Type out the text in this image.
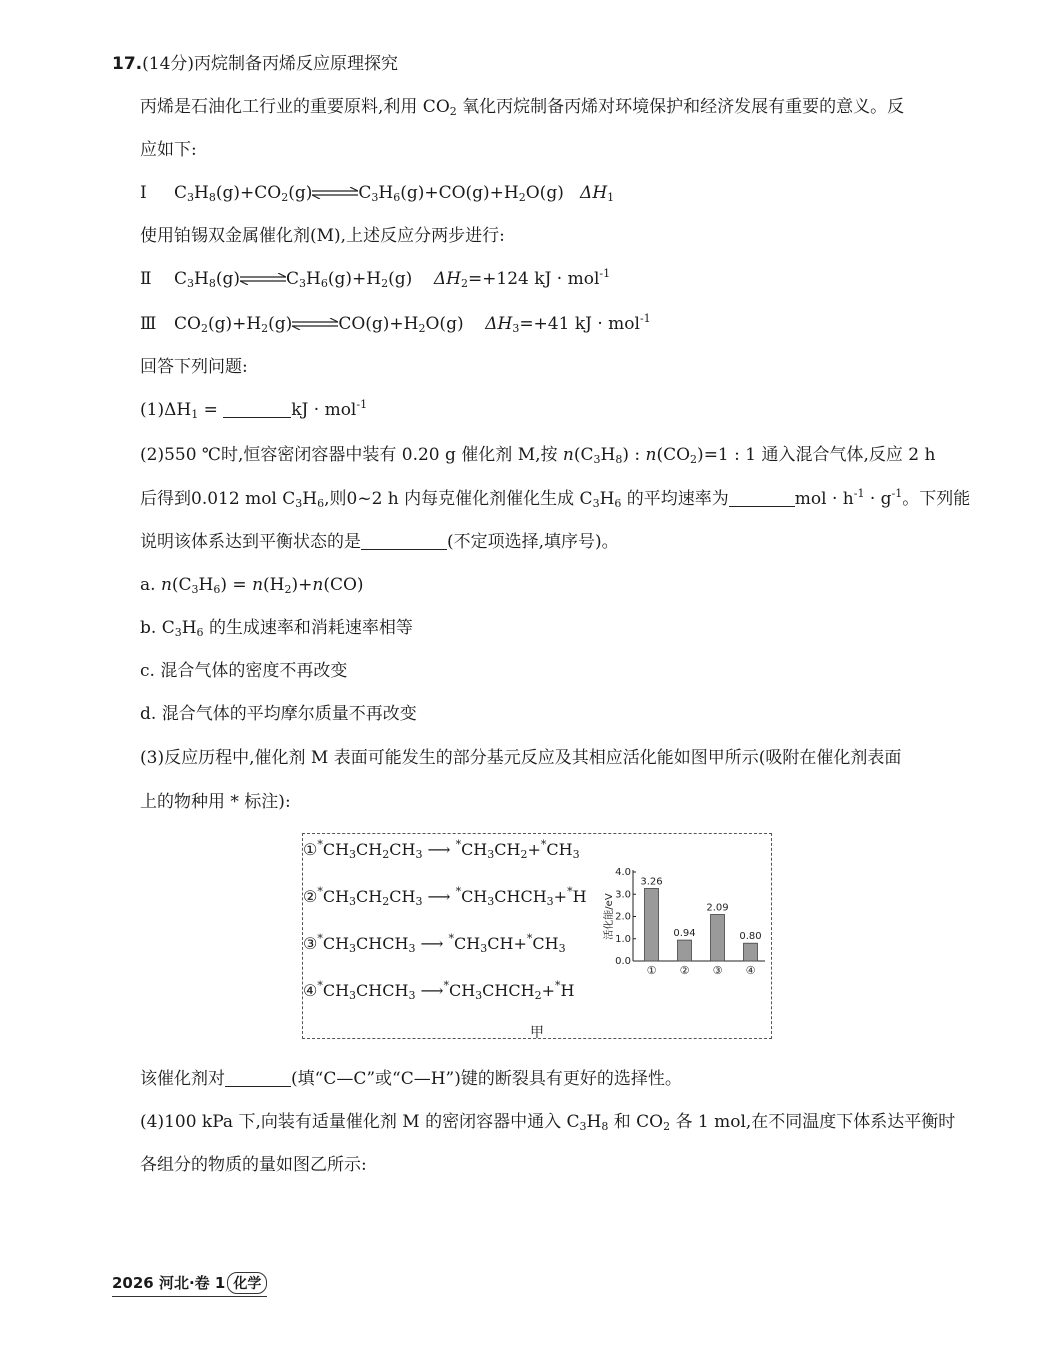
17.(14分)丙烷制备丙烯反应原理探究
丙烯是石油化工行业的重要原料,利用 $CO_2$ 氧化丙烷制备丙烯对环境保护和经济发展有重要的意义。反
应如下:
Ⅰ $C_3H_8(g)+CO_2(g)\rightleftharpoons C_3H_6(g)+CO(g)+H_2O(g)$   $\Delta H_1$
使用铂锡双金属催化剂(M),上述反应分两步进行:
Ⅱ $C_3H_8(g)\rightleftharpoons C_3H_6(g)+H_2(g)$    $\Delta H_2=+124$ kJ · mol$^{-1}$
Ⅲ $CO_2(g)+H_2(g)\rightleftharpoons CO(g)+H_2O(g)$    $\Delta H_3=+41$ kJ · mol$^{-1}$
回答下列问题:
$(1)\Delta H_1$ =	kJ · mol$^{-1}$
(2)550 ℃时,恒容密闭容器中装有 0.20 g 催化剂 M,按 $n(C_3H_8)$ : $n(CO_2)=1$ : 1 通入混合气体,反应 2 h
后得到0.012 mol $C_3H_6$,则0~2 h 内每克催化剂催化生成 $C_3H_6$ 的平均速率为	mol · $h^{-1} \cdot g^{-1}$。下列能
说明该体系达到平衡状态的是	(不定项选择,填序号)。
a. $n(C_3H_6) = n(H_2)+n(CO)$
b. $C_3H_6$ 的生成速率和消耗速率相等
c. 混合气体的密度不再改变
d. 混合气体的平均摩尔质量不再改变
(3)反应历程中,催化剂 M 表面可能发生的部分基元反应及其相应活化能如图甲所示(吸附在催化剂表面
上的物种用 * 标注):
$①^*CH_3CH_2CH_3$ ⟶ $^*CH_3CH_2+^*CH_3$
$②^*CH_3CH_2CH_3$ ⟶ $^*CH_3CHCH_3+^*H$
$③^*CH_3CHCH_3$ ⟶ $^*CH_3CH+^*CH_3$
$④^*CH_3CHCH_3$ $⟶^*CH_3CHCH_2+^*H$
0.0
1.0
2.0
3.0
4.0
活化能/eV
3.26
①
0.94
②
2.09
③
0.80
④
甲
该催化剂对	(填“C—C”或“C—H”)键的断裂具有更好的选择性。
(4)100 kPa 下,向装有适量催化剂 M 的密闭容器中通入 $C_3H_8$ 和 $CO_2$ 各 1 mol,在不同温度下体系达平衡时
各组分的物质的量如图乙所示:
2026 河北·卷 1 化学
